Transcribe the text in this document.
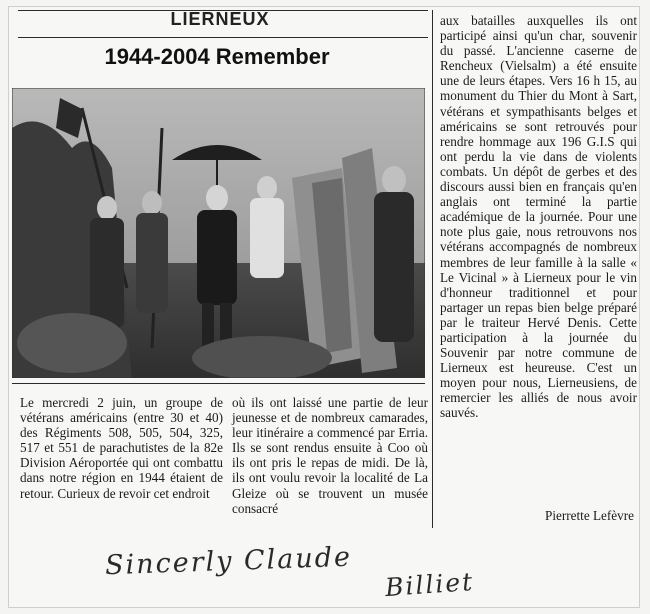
LIERNEUX
1944-2004 Remember

Le mercredi 2 juin, un groupe de vétérans américains (entre 30 et 40) des Régiments 508, 505, 504, 325, 517 et 551 de parachutistes de la 82e Division Aéroportée qui ont combattu dans notre région en 1944 étaient de retour. Curieux de revoir cet endroit

où ils ont laissé une partie de leur jeunesse et de nombreux camarades, leur itinéraire a commencé par Erria. Ils se sont rendus ensuite à Coo où ils ont pris le repas de midi. De là, ils ont voulu revoir la localité de La Gleize où se trouvent un musée consacré

aux batailles auxquelles ils ont participé ainsi qu'un char, souvenir du passé. L'ancienne caserne de Rencheux (Vielsalm) a été ensuite une de leurs étapes. Vers 16 h 15, au monument du Thier du Mont à Sart, vétérans et sympathisants belges et américains se sont retrouvés pour rendre hommage aux 196 G.I.S qui ont perdu la vie dans de violents combats. Un dépôt de gerbes et des discours aussi bien en français qu'en anglais ont terminé la partie académique de la journée. Pour une note plus gaie, nous retrouvons nos vétérans accompagnés de nombreux membres de leur famille à la salle « Le Vicinal » à Lierneux pour le vin d'honneur traditionnel et pour partager un repas bien belge préparé par le traiteur Hervé Denis. Cette participation à la journée du Souvenir par notre commune de Lierneux est heureuse. C'est un moyen pour nous, Lierneusiens, de remercier les alliés de nous avoir sauvés.

Pierrette Lefèvre
Sincerly Claude
Billiet
